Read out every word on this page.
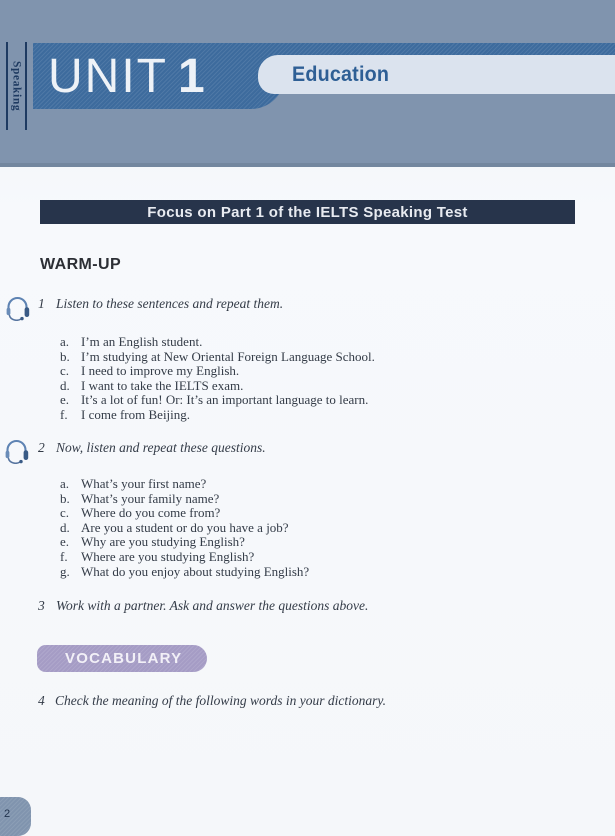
Speaking UNIT 1	Education
Focus on Part 1 of the IELTS Speaking Test
WARM-UP
1 Listen to these sentences and repeat them.
a. I’m an English student.
b. I’m studying at New Oriental Foreign Language School.
c. I need to improve my English.
d. I want to take the IELTS exam.
e. It’s a lot of fun! Or: It’s an important language to learn.
f.	I come from Beijing.
2 Now, listen and repeat these questions.
a. What’s your first name?
b. What’s your family name?
c. Where do you come from?
d. Are you a student or do you have a job?
e. Why are you studying English?
f.	Where are you studying English?
g. What do you enjoy about studying English?
3 Work with a partner. Ask and answer the questions above.
VOCABULARY
4 Check the meaning of the following words in your dictionary.
2
